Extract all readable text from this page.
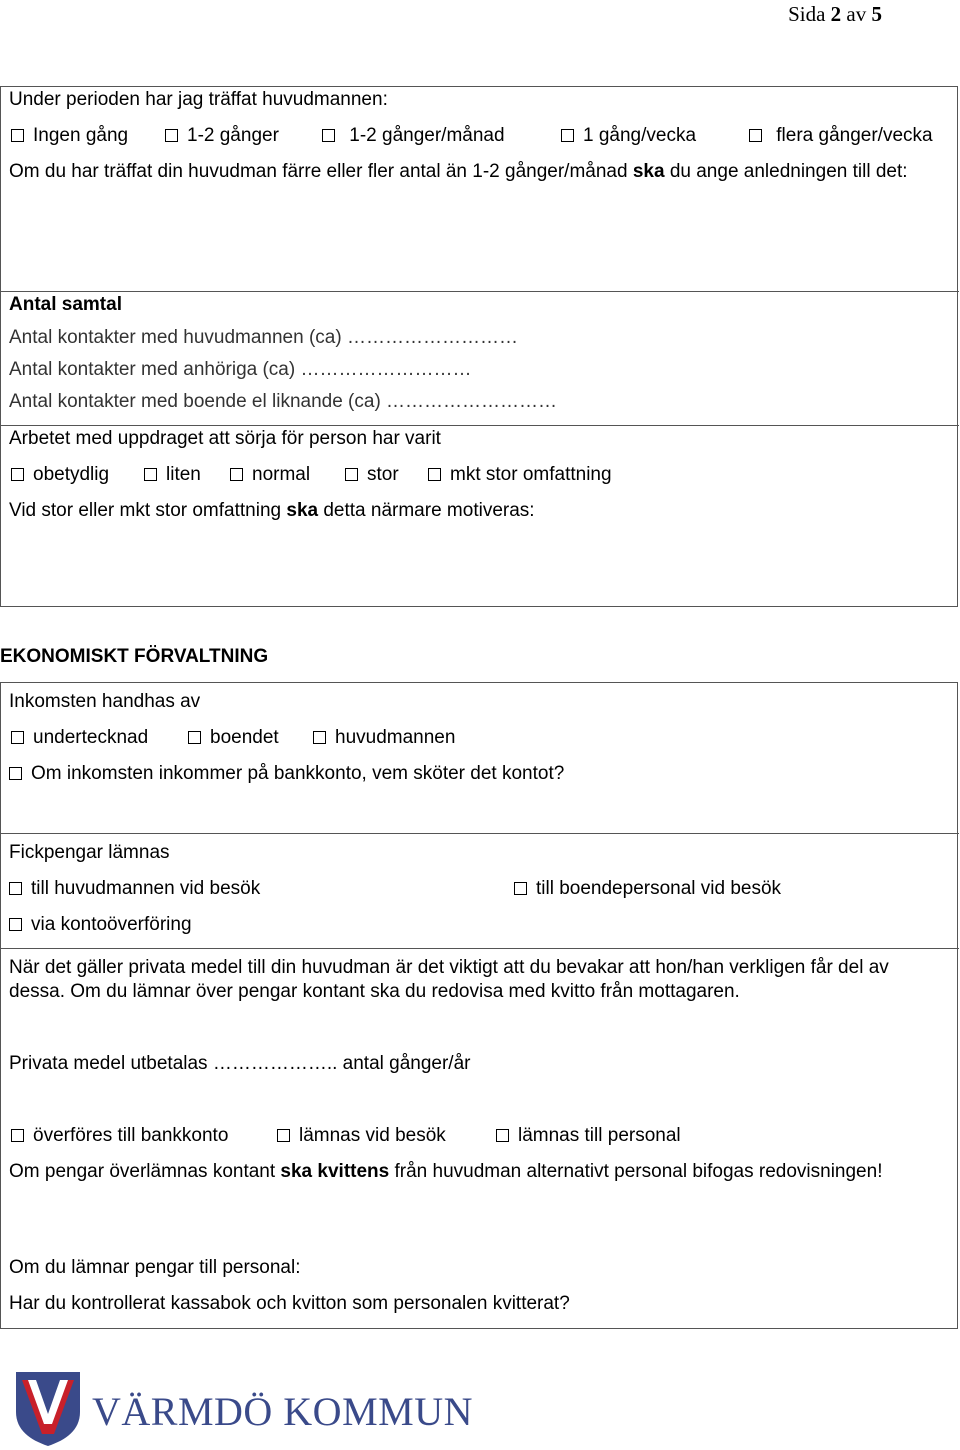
Sida 2 av 5
Under perioden har jag träffat huvudmannen:
Ingen gång	1-2 gånger	1-2 gånger/månad	1 gång/vecka	flera gånger/vecka
Om du har träffat din huvudman färre eller fler antal än 1-2 gånger/månad ska du ange anledningen till det:
Antal samtal
Antal kontakter med huvudmannen (ca) ………………………
Antal kontakter med anhöriga (ca) ………………………
Antal kontakter med boende el liknande (ca) ………………………
Arbetet med uppdraget att sörja för person har varit
obetydlig	liten	normal	stor	mkt stor omfattning
Vid stor eller mkt stor omfattning ska detta närmare motiveras:
EKONOMISKT FÖRVALTNING
Inkomsten handhas av
undertecknad	boendet	huvudmannen
Om inkomsten inkommer på bankkonto, vem sköter det kontot?
Fickpengar lämnas
till huvudmannen vid besök	till boendepersonal vid besök
via kontoöverföring
När det gäller privata medel till din huvudman är det viktigt att du bevakar att hon/han verkligen får del av dessa. Om du lämnar över pengar kontant ska du redovisa med kvitto från mottagaren.
Privata medel utbetalas ……………….. antal gånger/år
överföres till bankkonto	lämnas vid besök	lämnas till personal
Om pengar överlämnas kontant ska kvittens från huvudman alternativt personal bifogas redovisningen!
Om du lämnar pengar till personal:
Har du kontrollerat kassabok och kvitton som personalen kvitterat?
VÄRMDÖ KOMMUN
